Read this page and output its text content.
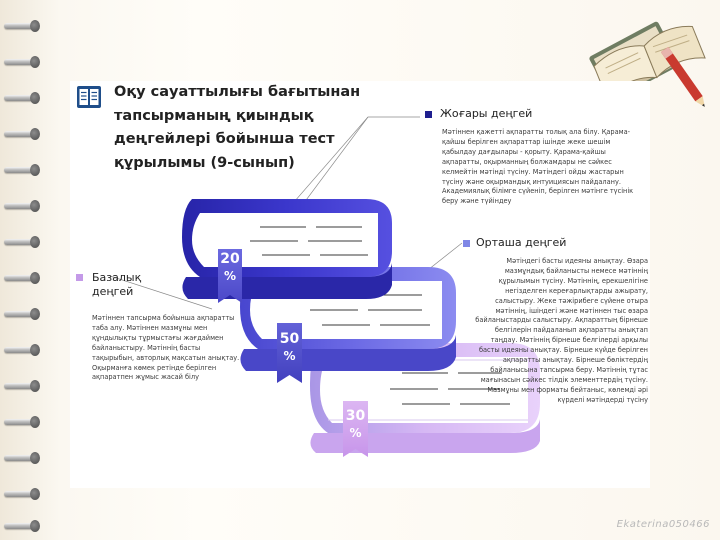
20
%
50
%
30
%
Оқу сауаттылығы бағытынан тапсырманың қиындық деңгейлері бойынша тест құрылымы (9-сынып)
Жоғары деңгей
Мәтіннен қажетті ақпаратты толық ала білу. Қарама-қайшы берілген ақпараттар ішінде жеке шешім қабылдау дағдылары - қорыту. Қарама-қайшы ақпаратты, оқырманның болжамдары не сәйкес келмейтін мәтінді түсіну. Мәтіндегі ойды жастарын түсіну және оқырмандық интуициясын пайдалану. Академиялық білімге сүйеніп, берілген мәтінге түсінік беру және түйіндеу
Орташа деңгей
Мәтіндегі басты идеяны анықтау. Өзара мазмұндық байланысты немесе мәтіннің құрылымын түсіну. Мәтіннің, ерекшелігіне негізделген кереғарлықтарды ажырату, салыстыру. Жеке тәжірибеге сүйене отыра мәтіннің, ішіндегі және мәтіннен тыс өзара байланыстарды салыстыру. Ақпараттың бірнеше белгілерін пайдаланып ақпаратты анықтап таңдау. Мәтіннің бірнеше белгілерді арқылы басты идеяны анықтау. Бірнеше күйде берілген ақпаратты анықтау. Бірнеше бөліктердің байланысына тапсырма беру. Мәтіннің тұтас мағынасын сәйкес тілдік элементтердің түсіну. Мазмұны мен форматы бейтаныс, көлемді әрі күрделі мәтіндерді түсіну
Базалық деңгей
Мәтіннен тапсырма бойынша ақпаратты таба алу. Мәтіннен мазмұны мен құндылықты тұрмыстағы жағдаймен байланыстыру. Мәтіннің басты тақырыбын, авторлық мақсатын анықтау. Оқырманға көмек ретінде берілген ақпаратпен жұмыс жасай білу
Ekaterina050466
